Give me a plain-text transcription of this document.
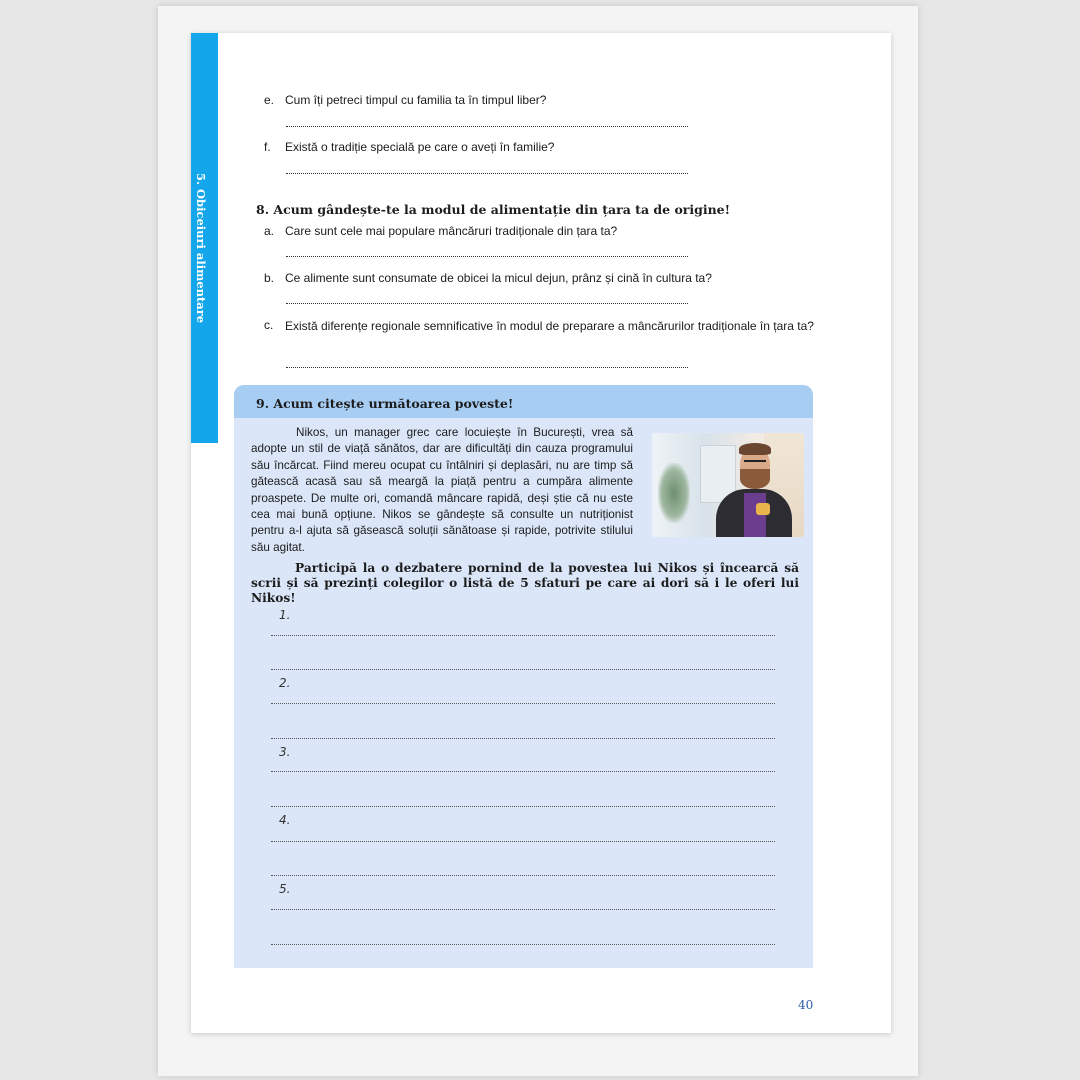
5. Obiceiuri alimentare
e. Cum îți petreci timpul cu familia ta în timpul liber?
f. Există o tradiție specială pe care o aveți în familie?
8. Acum gândește-te la modul de alimentație din țara ta de origine!
a. Care sunt cele mai populare mâncăruri tradiționale din țara ta?
b. Ce alimente sunt consumate de obicei la micul dejun, prânz și cină în cultura ta?
c. Există diferențe regionale semnificative în modul de preparare a mâncărurilor tradiționale în țara ta?
9. Acum citește următoarea poveste!

Nikos, un manager grec care locuiește în București, vrea să adopte un stil de viață sănătos, dar are dificultăți din cauza programului său încărcat. Fiind mereu ocupat cu întâlniri și deplasări, nu are timp să gătească acasă sau să meargă la piață pentru a cumpăra alimente proaspete. De multe ori, comandă mâncare rapidă, deși știe că nu este cea mai bună opțiune. Nikos se gândește să consulte un nutriționist pentru a-l ajuta să găsească soluții sănătoase și rapide, potrivite stilului său agitat.

Participă la o dezbatere pornind de la povestea lui Nikos și încearcă să scrii și să prezinți colegilor o listă de 5 sfaturi pe care ai dori să i le oferi lui Nikos!
1.
2.
3.
4.
5.
40
